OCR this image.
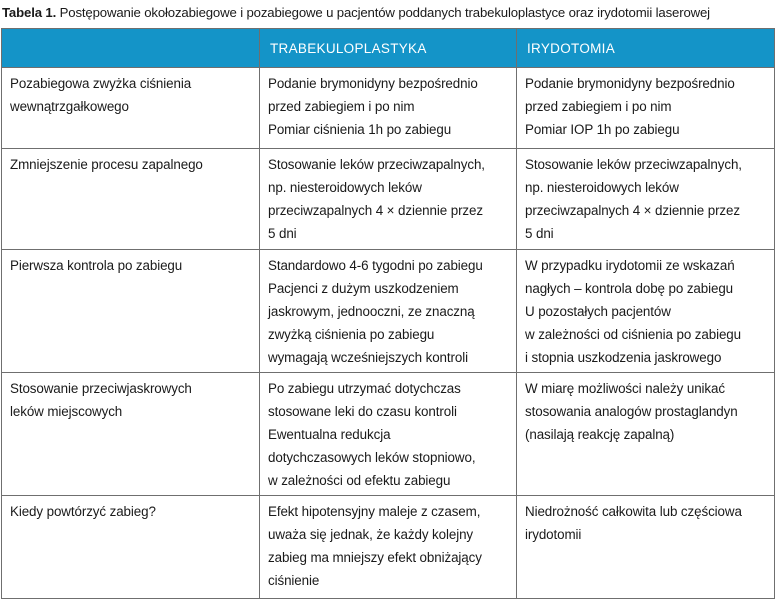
Tabela 1. Postępowanie okołozabiegowe i pozabiegowe u pacjentów poddanych trabekuloplastyce oraz irydotomii laserowej

	TRABEKULOPLASTYKA	IRYDOTOMIA

Pozabiegowa zwyżka ciśnienia
wewnątrzgałkowego	Podanie brymonidyny bezpośrednio
przed zabiegiem i po nim
Pomiar ciśnienia 1h po zabiegu	Podanie brymonidyny bezpośrednio
przed zabiegiem i po nim
Pomiar IOP 1h po zabiegu

Zmniejszenie procesu zapalnego	Stosowanie leków przeciwzapalnych,
np. niesteroidowych leków
przeciwzapalnych 4 × dziennie przez
5 dni	Stosowanie leków przeciwzapalnych,
np. niesteroidowych leków
przeciwzapalnych 4 × dziennie przez
5 dni

Pierwsza kontrola po zabiegu	Standardowo 4-6 tygodni po zabiegu
Pacjenci z dużym uszkodzeniem
jaskrowym, jednooczni, ze znaczną
zwyżką ciśnienia po zabiegu
wymagają wcześniejszych kontroli	W przypadku irydotomii ze wskazań
nagłych – kontrola dobę po zabiegu
U pozostałych pacjentów
w zależności od ciśnienia po zabiegu
i stopnia uszkodzenia jaskrowego

Stosowanie przeciwjaskrowych
leków miejscowych	Po zabiegu utrzymać dotychczas
stosowane leki do czasu kontroli
Ewentualna redukcja
dotychczasowych leków stopniowo,
w zależności od efektu zabiegu	W miarę możliwości należy unikać
stosowania analogów prostaglandyn
(nasilają reakcję zapalną)

Kiedy powtórzyć zabieg?	Efekt hipotensyjny maleje z czasem,
uważa się jednak, że każdy kolejny
zabieg ma mniejszy efekt obniżający
ciśnienie	Niedrożność całkowita lub częściowa
irydotomii
